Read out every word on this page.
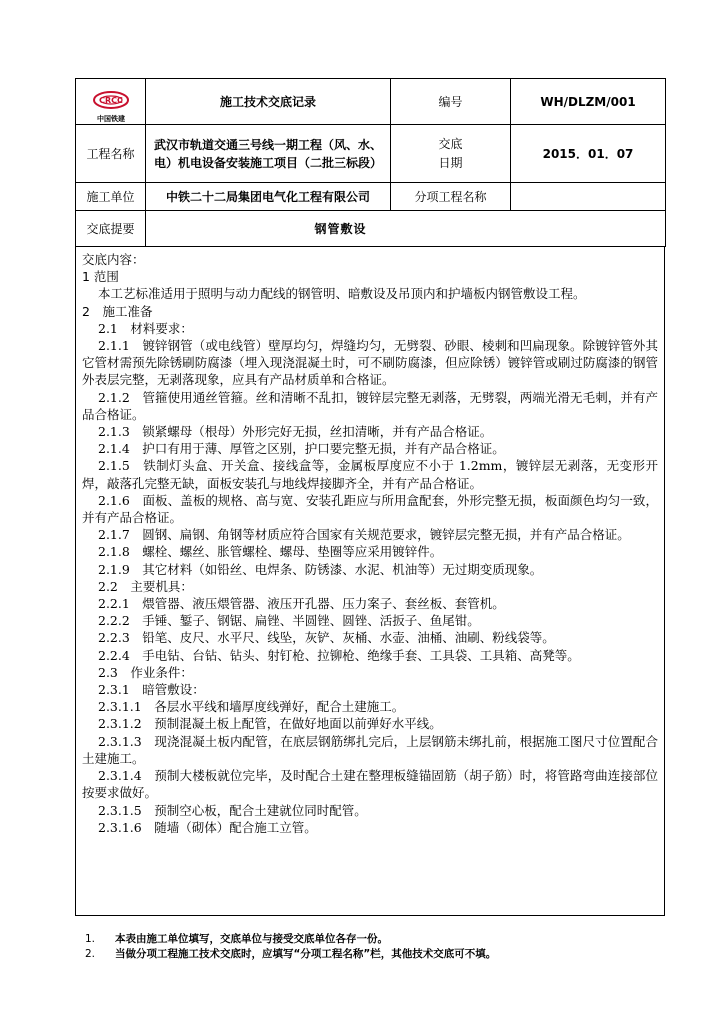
CRCC
中国铁建	施工技术交底记录	编号	WH/DLZM/001
工程名称	武汉市轨道交通三号线一期工程（风、水、电）机电设备安装施工项目（二批三标段）	交底
日期	2015．01．07
施工单位	中铁二十二局集团电气化工程有限公司	分项工程名称	
交底提要	钢管敷设		

交底内容：

1 范围

本工艺标准适用于照明与动力配线的钢管明、暗敷设及吊顶内和护墙板内钢管敷设工程。

2　施工准备

2.1　材料要求：

2.1.1　镀锌钢管（或电线管）壁厚均匀，焊缝均匀，无劈裂、砂眼、棱刺和凹扁现象。除镀锌管外其它管材需预先除锈刷防腐漆（埋入现浇混凝土时，可不刷防腐漆，但应除锈）镀锌管或刷过防腐漆的钢管外表层完整，无剥落现象，应具有产品材质单和合格证。

2.1.2　管箍使用通丝管箍。丝和清晰不乱扣，镀锌层完整无剥落，无劈裂，两端光滑无毛刺，并有产品合格证。

2.1.3　锁紧螺母（根母）外形完好无损，丝扣清晰，并有产品合格证。

2.1.4　护口有用于薄、厚管之区别，护口要完整无损，并有产品合格证。

2.1.5　铁制灯头盒、开关盒、接线盒等，金属板厚度应不小于 1.2mm，镀锌层无剥落，无变形开焊，敲落孔完整无缺，面板安装孔与地线焊接脚齐全，并有产品合格证。

2.1.6　面板、盖板的规格、高与宽、安装孔距应与所用盒配套，外形完整无损，板面颜色均匀一致，并有产品合格证。

2.1.7　圆钢、扁钢、角钢等材质应符合国家有关规范要求，镀锌层完整无损，并有产品合格证。

2.1.8　螺栓、螺丝、胀管螺栓、螺母、垫圈等应采用镀锌件。

2.1.9　其它材料（如铅丝、电焊条、防锈漆、水泥、机油等）无过期变质现象。

2.2　主要机具：

2.2.1　煨管器、液压煨管器、液压开孔器、压力案子、套丝板、套管机。

2.2.2　手锤、錾子、钢锯、扁锉、半圆锉、圆锉、活扳子、鱼尾钳。

2.2.3　铅笔、皮尺、水平尺、线坠，灰铲、灰桶、水壶、油桶、油刷、粉线袋等。

2.2.4　手电钻、台钻、钻头、射钉枪、拉铆枪、绝缘手套、工具袋、工具箱、高凳等。

2.3　作业条件：

2.3.1　暗管敷设：

2.3.1.1　各层水平线和墙厚度线弹好，配合土建施工。

2.3.1.2　预制混凝土板上配管，在做好地面以前弹好水平线。

2.3.1.3　现浇混凝土板内配管，在底层钢筋绑扎完后，上层钢筋未绑扎前，根据施工图尺寸位置配合土建施工。

2.3.1.4　预制大楼板就位完毕，及时配合土建在整理板缝锚固筋（胡子筋）时，将管路弯曲连接部位按要求做好。

2.3.1.5　预制空心板，配合土建就位同时配管。

2.3.1.6　随墙（砌体）配合施工立管。

1. 本表由施工单位填写，交底单位与接受交底单位各存一份。
2. 当做分项工程施工技术交底时，应填写“分项工程名称”栏，其他技术交底可不填。
